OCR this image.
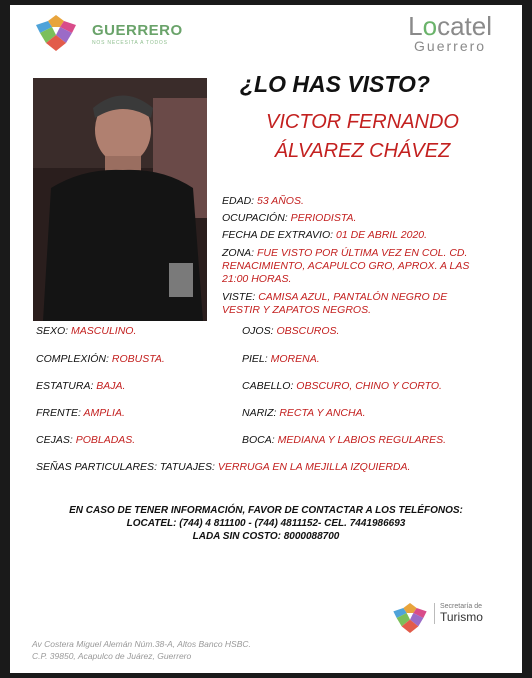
GUERRERO
NOS NECESITA A TODOS
Locatel
Guerrero
¿LO HAS VISTO?
VICTOR FERNANDO
ÁLVAREZ CHÁVEZ
EDAD: 53 AÑOS.
OCUPACIÓN: PERIODISTA.
FECHA DE EXTRAVIO: 01 DE ABRIL 2020.
ZONA: FUE VISTO POR ÚLTIMA VEZ EN COL. CD.
RENACIMIENTO, ACAPULCO GRO, APROX. A LAS
21:00 HORAS.
VISTE: CAMISA AZUL, PANTALÓN NEGRO DE
VESTIR Y ZAPATOS NEGROS.
SEXO: MASCULINO.	OJOS: OBSCUROS.
COMPLEXIÓN: ROBUSTA.	PIEL: MORENA.
ESTATURA: BAJA.	CABELLO: OBSCURO, CHINO Y CORTO.
FRENTE: AMPLIA.	NARIZ: RECTA Y ANCHA.
CEJAS: POBLADAS.	BOCA: MEDIANA Y LABIOS REGULARES.
SEÑAS PARTICULARES: TATUAJES: VERRUGA EN LA MEJILLA IZQUIERDA.
EN CASO DE TENER INFORMACIÓN, FAVOR DE CONTACTAR A LOS TELÉFONOS:
LOCATEL: (744) 4 811100 - (744) 4811152- CEL. 7441986693
LADA SIN COSTO: 8000088700
Secretaría de
Turismo
Av Costera Miguel Alemán Núm.38-A, Altos Banco HSBC.
C.P. 39850, Acapulco de Juárez, Guerrero
